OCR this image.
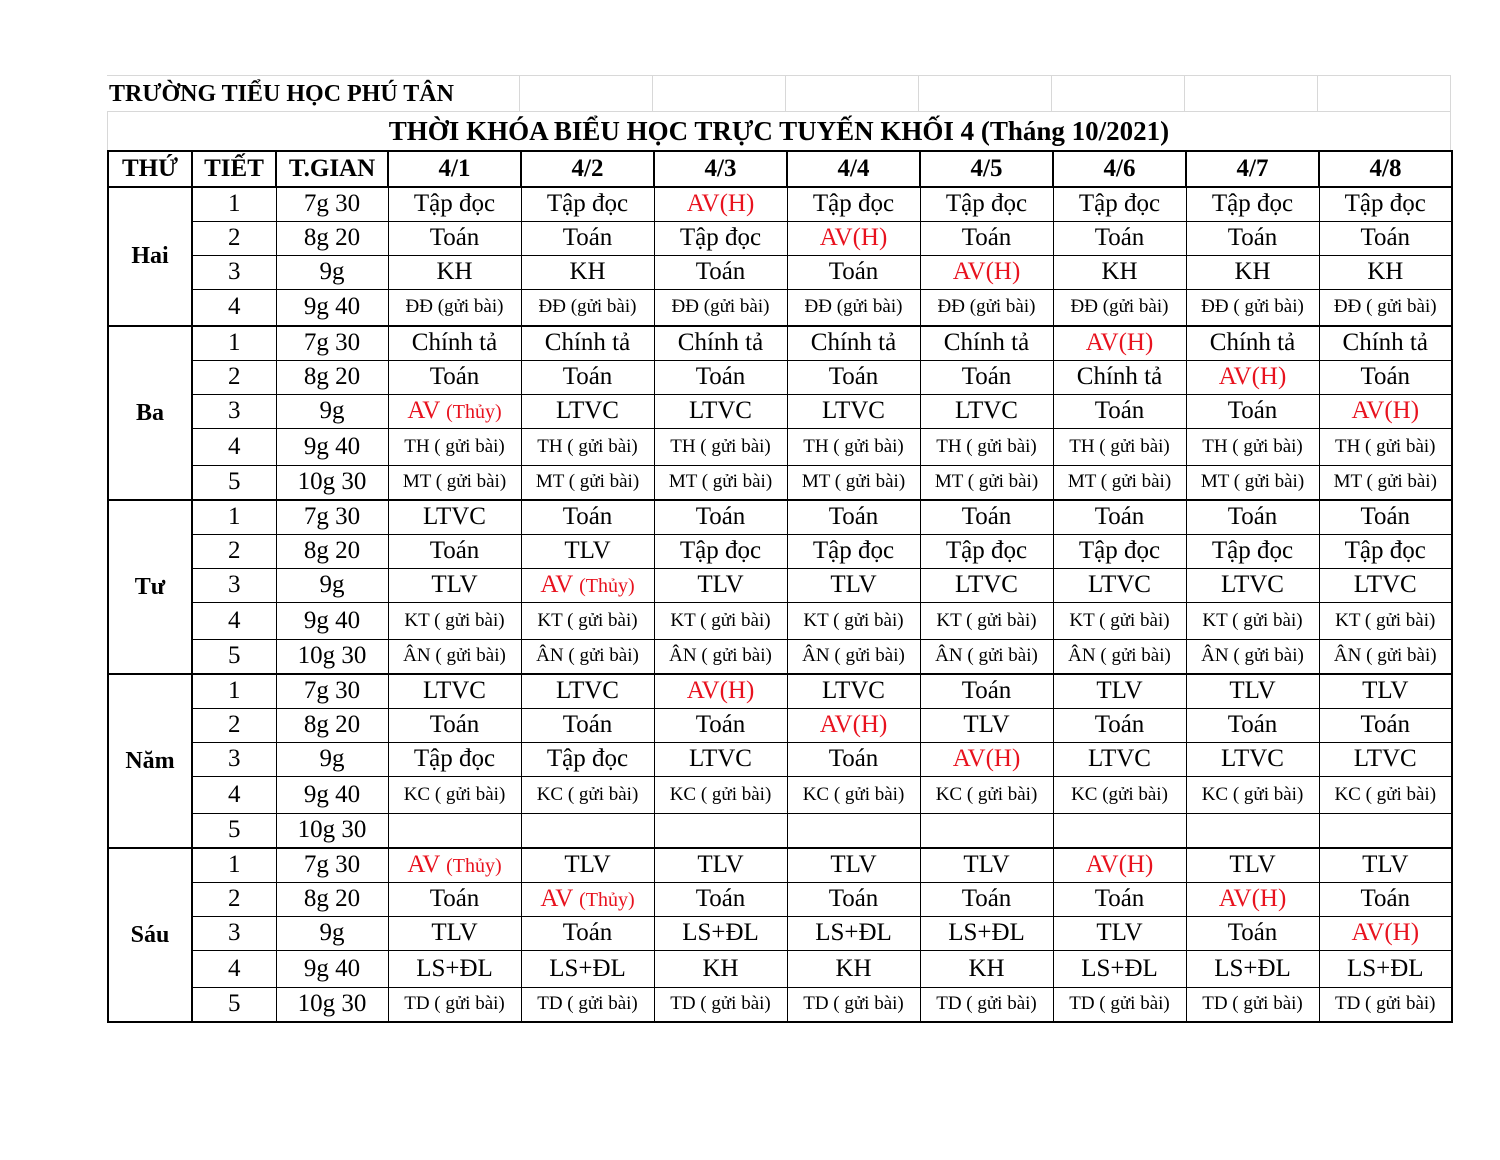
TRƯỜNG TIỂU HỌC PHÚ TÂN
THỜI KHÓA BIỂU HỌC TRỰC TUYẾN KHỐI 4 (Tháng 10/2021)
THỨ	TIẾT	T.GIAN	4/1	4/2	4/3	4/4	4/5	4/6	4/7	4/8
Hai	1	7g 30	Tập đọc	Tập đọc	AV(H)	Tập đọc	Tập đọc	Tập đọc	Tập đọc	Tập đọc
	2	8g 20	Toán	Toán	Tập đọc	AV(H)	Toán	Toán	Toán	Toán
	3	9g	KH	KH	Toán	Toán	AV(H)	KH	KH	KH
	4	9g 40	ĐĐ (gửi bài)	ĐĐ (gửi bài)	ĐĐ (gửi bài)	ĐĐ (gửi bài)	ĐĐ (gửi bài)	ĐĐ (gửi bài)	ĐĐ ( gửi bài)	ĐĐ ( gửi bài)
Ba	1	7g 30	Chính tả	Chính tả	Chính tả	Chính tả	Chính tả	AV(H)	Chính tả	Chính tả
	2	8g 20	Toán	Toán	Toán	Toán	Toán	Chính tả	AV(H)	Toán
	3	9g	AV (Thủy)	LTVC	LTVC	LTVC	LTVC	Toán	Toán	AV(H)
	4	9g 40	TH ( gửi bài)	TH ( gửi bài)	TH ( gửi bài)	TH ( gửi bài)	TH ( gửi bài)	TH ( gửi bài)	TH ( gửi bài)	TH ( gửi bài)
	5	10g 30	MT ( gửi bài)	MT ( gửi bài)	MT ( gửi bài)	MT ( gửi bài)	MT ( gửi bài)	MT ( gửi bài)	MT ( gửi bài)	MT ( gửi bài)
Tư	1	7g 30	LTVC	Toán	Toán	Toán	Toán	Toán	Toán	Toán
	2	8g 20	Toán	TLV	Tập đọc	Tập đọc	Tập đọc	Tập đọc	Tập đọc	Tập đọc
	3	9g	TLV	AV (Thủy)	TLV	TLV	LTVC	LTVC	LTVC	LTVC
	4	9g 40	KT ( gửi bài)	KT ( gửi bài)	KT ( gửi bài)	KT ( gửi bài)	KT ( gửi bài)	KT ( gửi bài)	KT ( gửi bài)	KT ( gửi bài)
	5	10g 30	ÂN ( gửi bài)	ÂN ( gửi bài)	ÂN ( gửi bài)	ÂN ( gửi bài)	ÂN ( gửi bài)	ÂN ( gửi bài)	ÂN ( gửi bài)	ÂN ( gửi bài)
Năm	1	7g 30	LTVC	LTVC	AV(H)	LTVC	Toán	TLV	TLV	TLV
	2	8g 20	Toán	Toán	Toán	AV(H)	TLV	Toán	Toán	Toán
	3	9g	Tập đọc	Tập đọc	LTVC	Toán	AV(H)	LTVC	LTVC	LTVC
	4	9g 40	KC ( gửi bài)	KC ( gửi bài)	KC ( gửi bài)	KC ( gửi bài)	KC ( gửi bài)	KC (gửi bài)	KC ( gửi bài)	KC ( gửi bài)
	5	10g 30								
Sáu	1	7g 30	AV (Thủy)	TLV	TLV	TLV	TLV	AV(H)	TLV	TLV
	2	8g 20	Toán	AV (Thủy)	Toán	Toán	Toán	Toán	AV(H)	Toán
	3	9g	TLV	Toán	LS+ĐL	LS+ĐL	LS+ĐL	TLV	Toán	AV(H)
	4	9g 40	LS+ĐL	LS+ĐL	KH	KH	KH	LS+ĐL	LS+ĐL	LS+ĐL
	5	10g 30	TD ( gửi bài)	TD ( gửi bài)	TD ( gửi bài)	TD ( gửi bài)	TD ( gửi bài)	TD ( gửi bài)	TD ( gửi bài)	TD ( gửi bài)
